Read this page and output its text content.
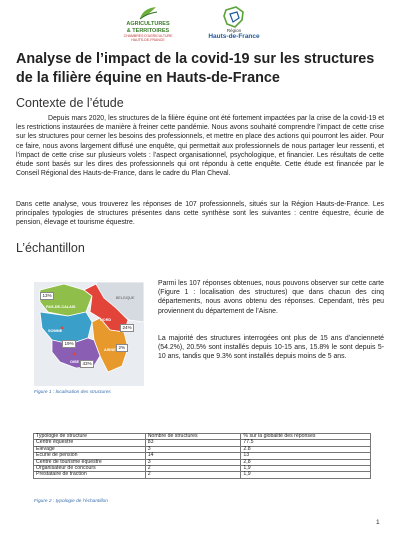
AGRICULTURES
& TERRITOIRES
CHAMBRES D'AGRICULTURE
HAUTS-DE-FRANCE
Région
Hauts-de-France
Analyse de l’impact de la covid-19 sur les structures de la filière équine en Hauts-de-France
Contexte de l’étude

Depuis mars 2020, les structures de la filière équine ont été fortement impactées par la crise de la covid-19 et les restrictions instaurées de manière à freiner cette pandémie. Nous avons souhaité comprendre l’impact de cette crise sur les structures pour cerner les besoins des professionnels, et mettre en place des actions qui pourront les aider. Pour ce faire, nous avons largement diffusé une enquête, qui permettait aux professionnels de nous partager leur ressenti, et l’impact de cette crise sur plusieurs volets : l’aspect organisationnel, psychologique, et financier. Les résultats de cette étude sont basés sur les dires des professionnels qui ont répondu à cette enquête. Cette étude est financée par le Conseil Régional des Hauts-de-France, dans le cadre du Plan Cheval.

Dans cette analyse, vous trouverez les réponses de 107 professionnels, situés sur la Région Hauts-de-France. Les principales typologies de structures présentes dans cette synthèse sont les suivantes : centre équestre, écurie de pension, élevage et tourisme équestre.

L’échantillon
BELGIQUE
PAS-DE-CALAIS
NORD
SOMME
AISNE
OISE
13%
24%
19%
2%
43%
Figure 1 : localisation des structures

Parmi les 107 réponses obtenues, nous pouvons observer sur cette carte (Figure 1 : localisation des structures) que dans chacun des cinq départements, nous avons obtenu des réponses. Cependant, très peu proviennent du département de l’Aisne.

La majorité des structures interrogées ont plus de 15 ans d’ancienneté (54.2%), 20.5% sont installés depuis 10-15 ans, 15.8% le sont depuis 5-10 ans, tandis que 9.3% sont installés depuis moins de 5 ans.

Typologie de structure	Nombre de structures	% sur la globalité des réponses
Centre équestre	83	77.5
Elevage	3	2.8
Ecurie de pension	14	13
Centre de tourisme équestre	3	2,8
Organisateur de concours	2	1,9
Prestataire de traction	2	1,9
Figure 2 : typologie de l’échantillon
1
